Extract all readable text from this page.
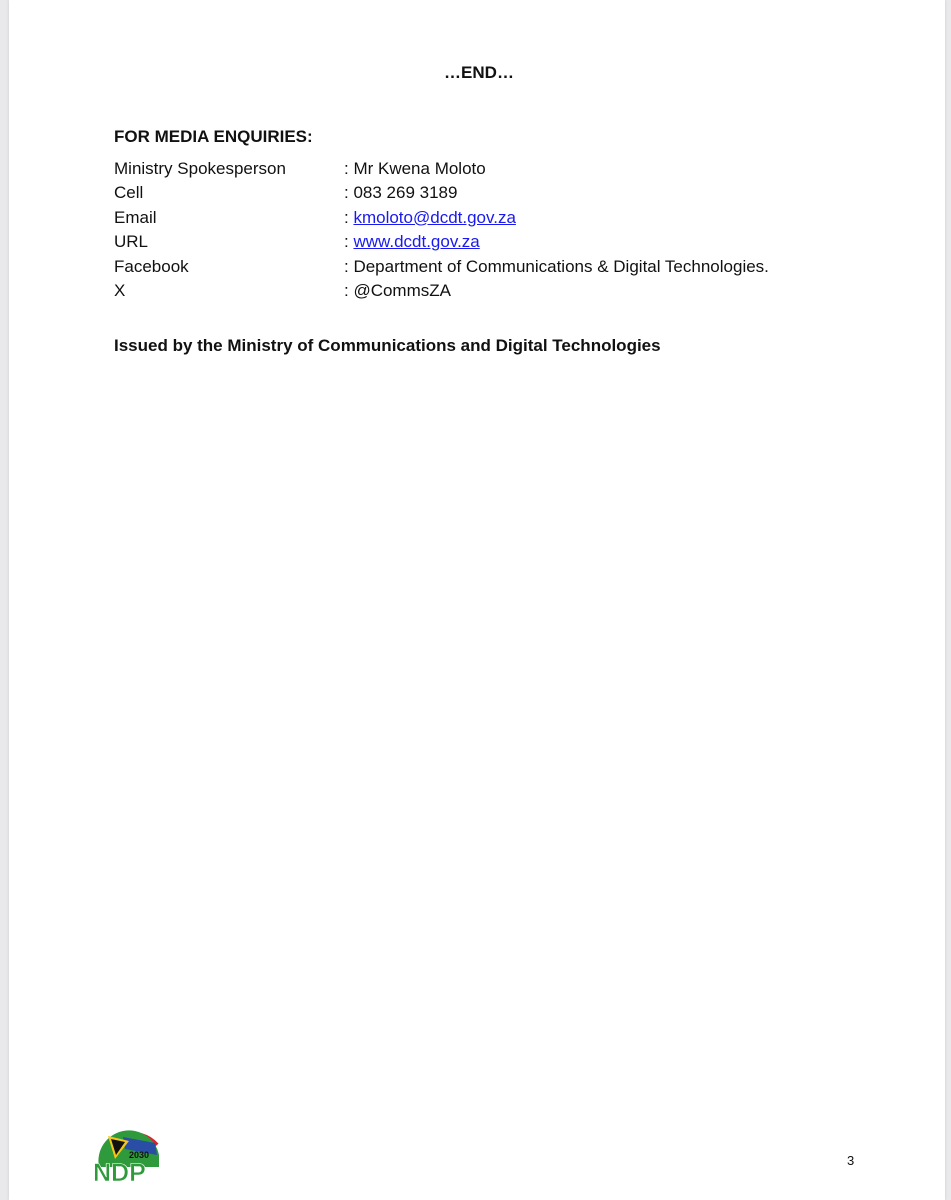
…END…
FOR MEDIA ENQUIRIES:
Ministry Spokesperson	: Mr Kwena Moloto
Cell	: 083 269 3189
Email	: kmoloto@dcdt.gov.za
URL	: www.dcdt.gov.za
Facebook	: Department of Communications & Digital Technologies.
X	: @CommsZA
Issued by the Ministry of Communications and Digital Technologies
2030
NDP	3
